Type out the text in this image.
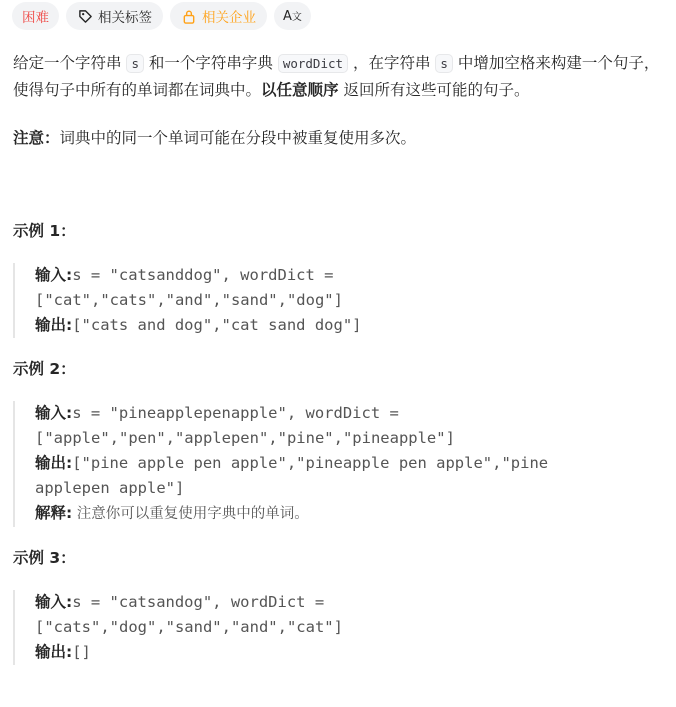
困难	相关标签	相关企业 A文

给定一个字符串 s 和一个字符串字典 wordDict ，在字符串 s 中增加空格来构建一个句子，使得句子中所有的单词都在词典中。以任意顺序 返回所有这些可能的句子。

注意：词典中的同一个单词可能在分段中被重复使用多次。

示例 1：

输入:s = "catsanddog", wordDict =
["cat","cats","and","sand","dog"]
输出:["cats and dog","cat sand dog"]

示例 2：

输入:s = "pineapplepenapple", wordDict =
["apple","pen","applepen","pine","pineapple"]
输出:["pine apple pen apple","pineapple pen apple","pine
applepen apple"]
解释: 注意你可以重复使用字典中的单词。

示例 3：

输入:s = "catsandog", wordDict =
["cats","dog","sand","and","cat"]
输出:[]
